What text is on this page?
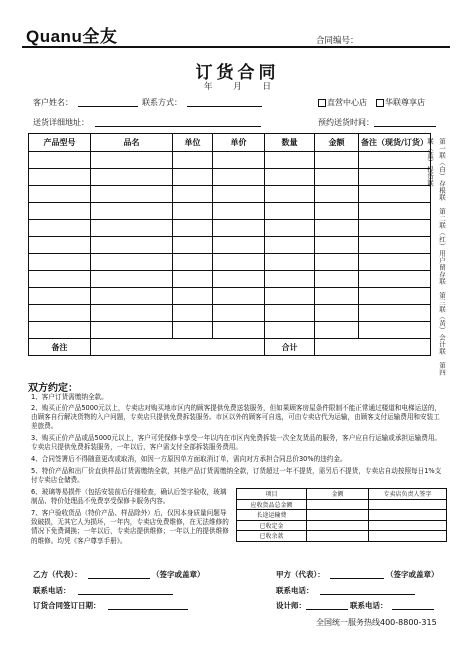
Quanu全友	合同编号：
订货合同
年 月 日
客户姓名：	联系方式：	直营中心店	华联尊享店
送货详细地址：	预约送货时间：
产品型号	品名	单位	单价	数量	金额	备注（现货/订货）

备注				合计			第一联（白）存根联　第二联（红）用户留存联　第三联（黄）会计联　第四联（蓝）提货联
双方约定：
1、客户订货需缴纳全款。
2、购买正价产品5000元以上，专卖店对购买地市区内的顾客提供免费送装服务，但如果顾客房屋条件限制不能正常通过楼道和电梯运送的，由顾客自行解决货物的入户问题，专卖店只提供免费拆装服务。市区以外的顾客可自选，可由专卖店代为运输，由顾客支付运输费用和安装工差旅费。
3、购买正价产品或品5000元以上，客户可凭保修卡享受一年以内在市区内免费拆装一次全友货品的服务，客户应自行运输或承担运输费用。专卖店只提供免费拆装服务，一年以后，客户需支付全部拆装服务费用。
4、合同签署后不得随意更改或取消，如因一方原因单方面取消订单，需向对方承担合同总价30%的违约金。
5、特价产品和出厂价直供样品订货需缴纳全款，其他产品订货需缴纳全款，订货超过一年不提货，需另后不提货，专卖店自动按照每日1%支付专卖店仓储费。
6、玻璃等易损件（包括安装前后仔细检查，确认后签字验收，玻璃制品、特价处理品不免费享受保修卡服务内容。
7、客户验收货品（特价产品、样品除外）后，仅因本身质量问题导致破损，无其它人为损坏，一年内，专卖店免费维修，在无法维修的情况下免费调换；一年以后，专卖店提供维修；一年以上的提供维修的维修。均凭《客户尊享手册》。
项目	金额	专卖店负责人签字
应收货品总金额		
长途运输费		
已收定金		
已收余款		
乙方（代表）：	（签字或盖章）	甲方（代表）：	（签字或盖章）
联系电话：	联系电话：
订货合同签订日期：	设计师：	联系电话：
全国统一服务热线400-8800-315
